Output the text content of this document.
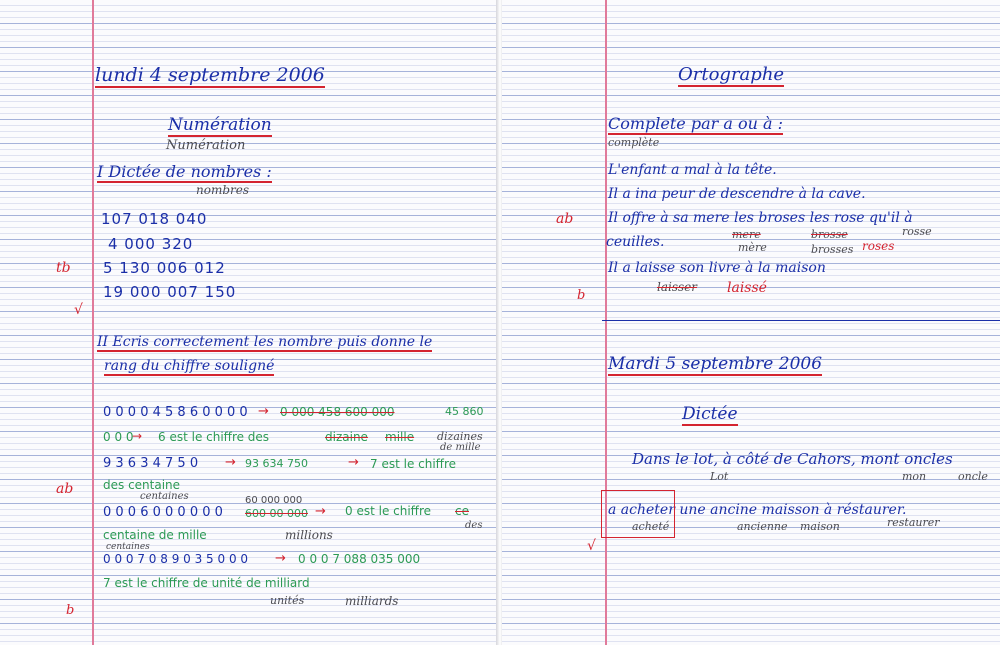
lundi 4 septembre 2006
Numération
Numération
I Dictée de nombres :
nombres
107 018 040
4 000 320
5 130 006 012
19 000 007 150
tb
√
II Ecris correctement les nombre puis donne le
rang du chiffre souligné
0 0 0 0 4 5 8 6 0 0 0 0 → 0 000 458 600 000	45 860
0 0 0
→ 6 est le chiffre des	dizaine mille dizaines
de mille
9 3 6 3 4 7 5 0 → 93 634 750	→ 7 est le chiffre
des centaine
centaines
ab
60 000 000
0 0 0 6 0 0 0 0 0 0 600 00 000 → 0 est le chiffre ce
des
centaine de mille	millions
centaines
0 0 0 7 0 8 9 0 3 5 0 0 0 → 0 0 0 7 088 035 000
7 est le chiffre de unité de milliard
unités	milliards
b
Ortographe
Complete par a ou à :
complète
L'enfant a mal à la tête.
Il a ina peur de descendre à la cave.
Il offre à sa mere les broses les rose qu'il à
ceuilles.	mere
mère
brosse
brosses
rosse
roses
ab
Il a laisse son livre à la maison
laisser laissé
b
Mardi 5 septembre 2006
Dictée
Dans le lot, à côté de Cahors, mont oncles
Lot	mon	oncle
a acheter une ancine maisson à réstaurer.
acheté	ancienne maison	restaurer
√
